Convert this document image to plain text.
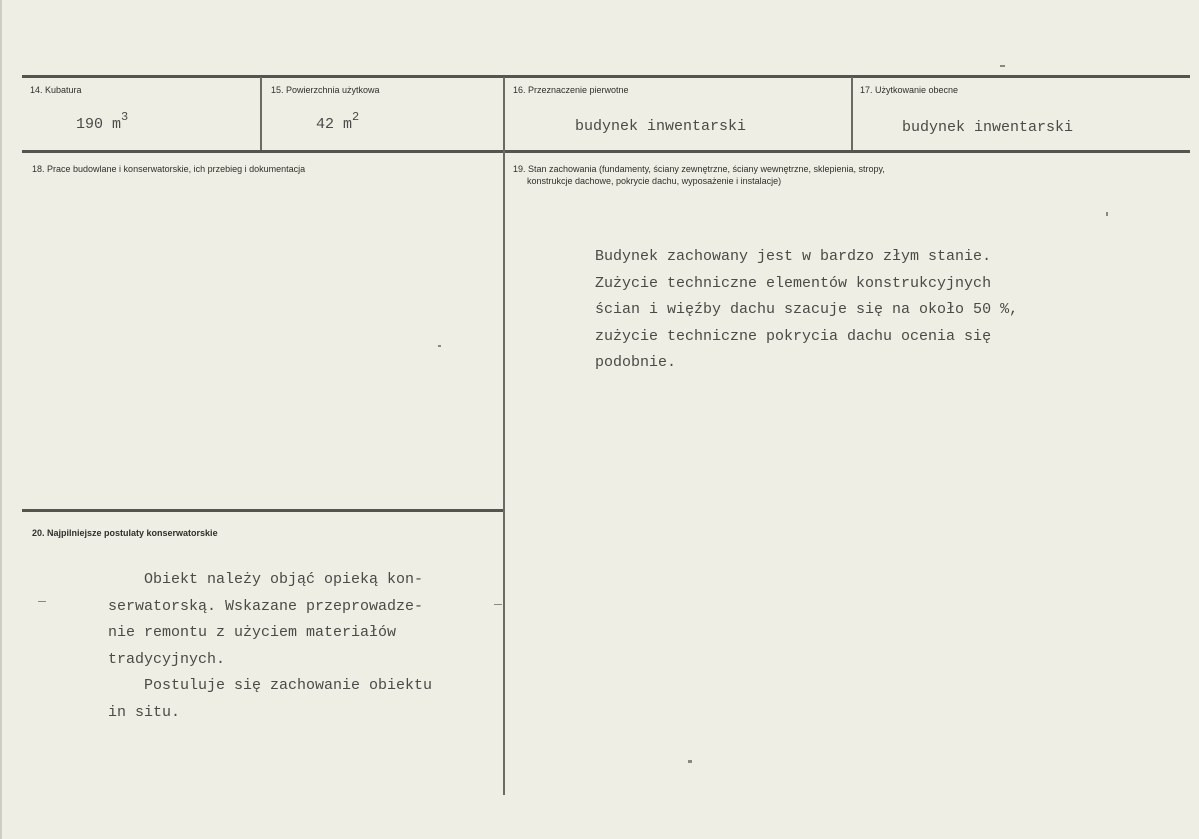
14. Kubatura
190 $m^3$
15. Powierzchnia użytkowa
42 $m^2$
16. Przeznaczenie pierwotne
budynek inwentarski
17. Użytkowanie obecne
budynek inwentarski
18. Prace budowlane i konserwatorskie, ich przebieg i dokumentacja	19. Stan zachowania (fundamenty, ściany zewnętrzne, ściany wewnętrzne, sklepienia, stropy,
konstrukcje dachowe, pokrycie dachu, wyposażenie i instalacje)
Budynek zachowany jest w bardzo złym stanie.
Zużycie techniczne elementów konstrukcyjnych
ścian i więźby dachu szacuje się na około 50 %,
zużycie techniczne pokrycia dachu ocenia się
podobnie.
20. Najpilniejsze postulaty konserwatorskie
Obiekt należy objąć opieką kon-
serwatorską. Wskazane przeprowadze-
nie remontu z użyciem materiałów
tradycyjnych.
Postuluje się zachowanie obiektu
in situ.
